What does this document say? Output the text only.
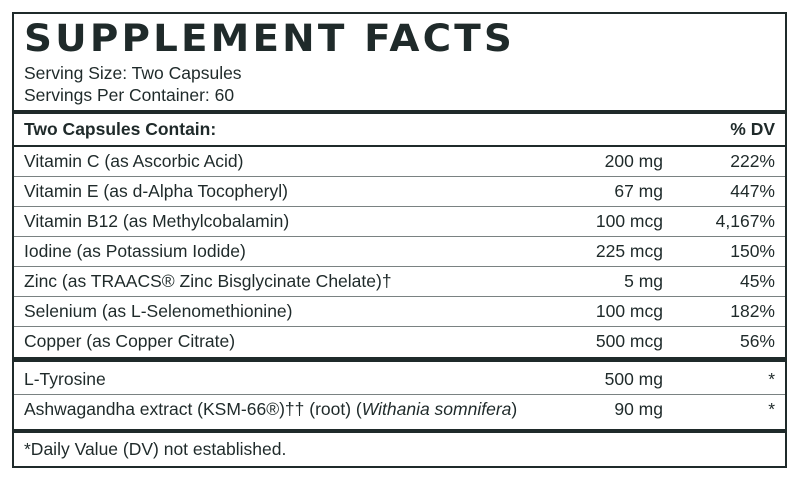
SUPPLEMENT FACTS
Serving Size: Two Capsules
Servings Per Container: 60
Two Capsules Contain:	% DV
Vitamin C (as Ascorbic Acid)	200 mg	222%
Vitamin E (as d-Alpha Tocopheryl)	67 mg	447%
Vitamin B12 (as Methylcobalamin)	100 mcg	4,167%
Iodine (as Potassium Iodide)	225 mcg	150%
Zinc (as TRAACS® Zinc Bisglycinate Chelate)†	5 mg	45%
Selenium (as L-Selenomethionine)	100 mcg	182%
Copper (as Copper Citrate)	500 mcg	56%
L-Tyrosine	500 mg	*
Ashwagandha extract (KSM-66®)†† (root) (Withania somnifera)	90 mg	*
*Daily Value (DV) not established.
